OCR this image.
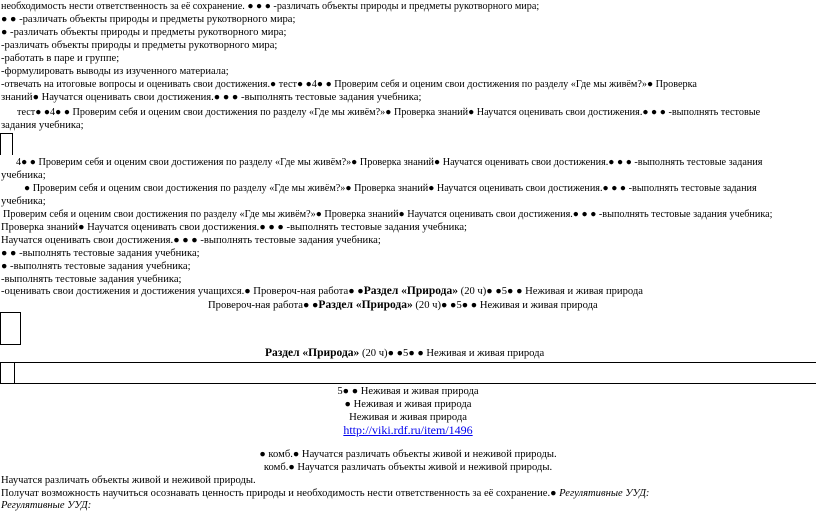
необходимость нести ответственность за её сохранение. ● ● ● -различать объекты природы и предметы рукотворного мира;
● ● -различать объекты природы и предметы рукотворного мира;
● -различать объекты природы и предметы рукотворного мира;
-различать объекты природы и предметы рукотворного мира;
-работать в паре и группе;
-формулировать выводы из изученного материала;
-отвечать на итоговые вопросы и оценивать свои достижения.● тест● ●4● ● Проверим себя и оценим свои достижения по разделу «Где мы живём?»● Проверка
знаний● Научатся оценивать свои достижения.● ● ● -выполнять тестовые задания учебника;
тест● ●4● ● Проверим себя и оценим свои достижения по разделу «Где мы живём?»● Проверка знаний● Научатся оценивать свои достижения.● ● ● -выполнять тестовые
задания учебника;
4● ● Проверим себя и оценим свои достижения по разделу «Где мы живём?»● Проверка знаний● Научатся оценивать свои достижения.● ● ● -выполнять тестовые задания
учебника;
● Проверим себя и оценим свои достижения по разделу «Где мы живём?»● Проверка знаний● Научатся оценивать свои достижения.● ● ● -выполнять тестовые задания
учебника;
Проверим себя и оценим свои достижения по разделу «Где мы живём?»● Проверка знаний● Научатся оценивать свои достижения.● ● ● -выполнять тестовые задания учебника;
Проверка знаний● Научатся оценивать свои достижения.● ● ● -выполнять тестовые задания учебника;
Научатся оценивать свои достижения.● ● ● -выполнять тестовые задания учебника;
● ● -выполнять тестовые задания учебника;
● -выполнять тестовые задания учебника;
-выполнять тестовые задания учебника;
-оценивать свои достижения и достижения учащихся.● Провероч-ная работа● ●Раздел «Природа» (20 ч)● ●5● ● Неживая и живая природа
Провероч-ная работа● ●Раздел «Природа» (20 ч)● ●5● ● Неживая и живая природа
Раздел «Природа» (20 ч)● ●5● ● Неживая и живая природа
5● ● Неживая и живая природа
● Неживая и живая природа
Неживая и живая природа
http://viki.rdf.ru/item/1496
● комб.● Научатся различать объекты живой и неживой природы.
комб.● Научатся различать объекты живой и неживой природы.
Научатся различать объекты живой и неживой природы.
Получат возможность научиться осознавать ценность природы и необходимость нести ответственность за её сохранение.● Регулятивные УУД:
Регулятивные УУД:
